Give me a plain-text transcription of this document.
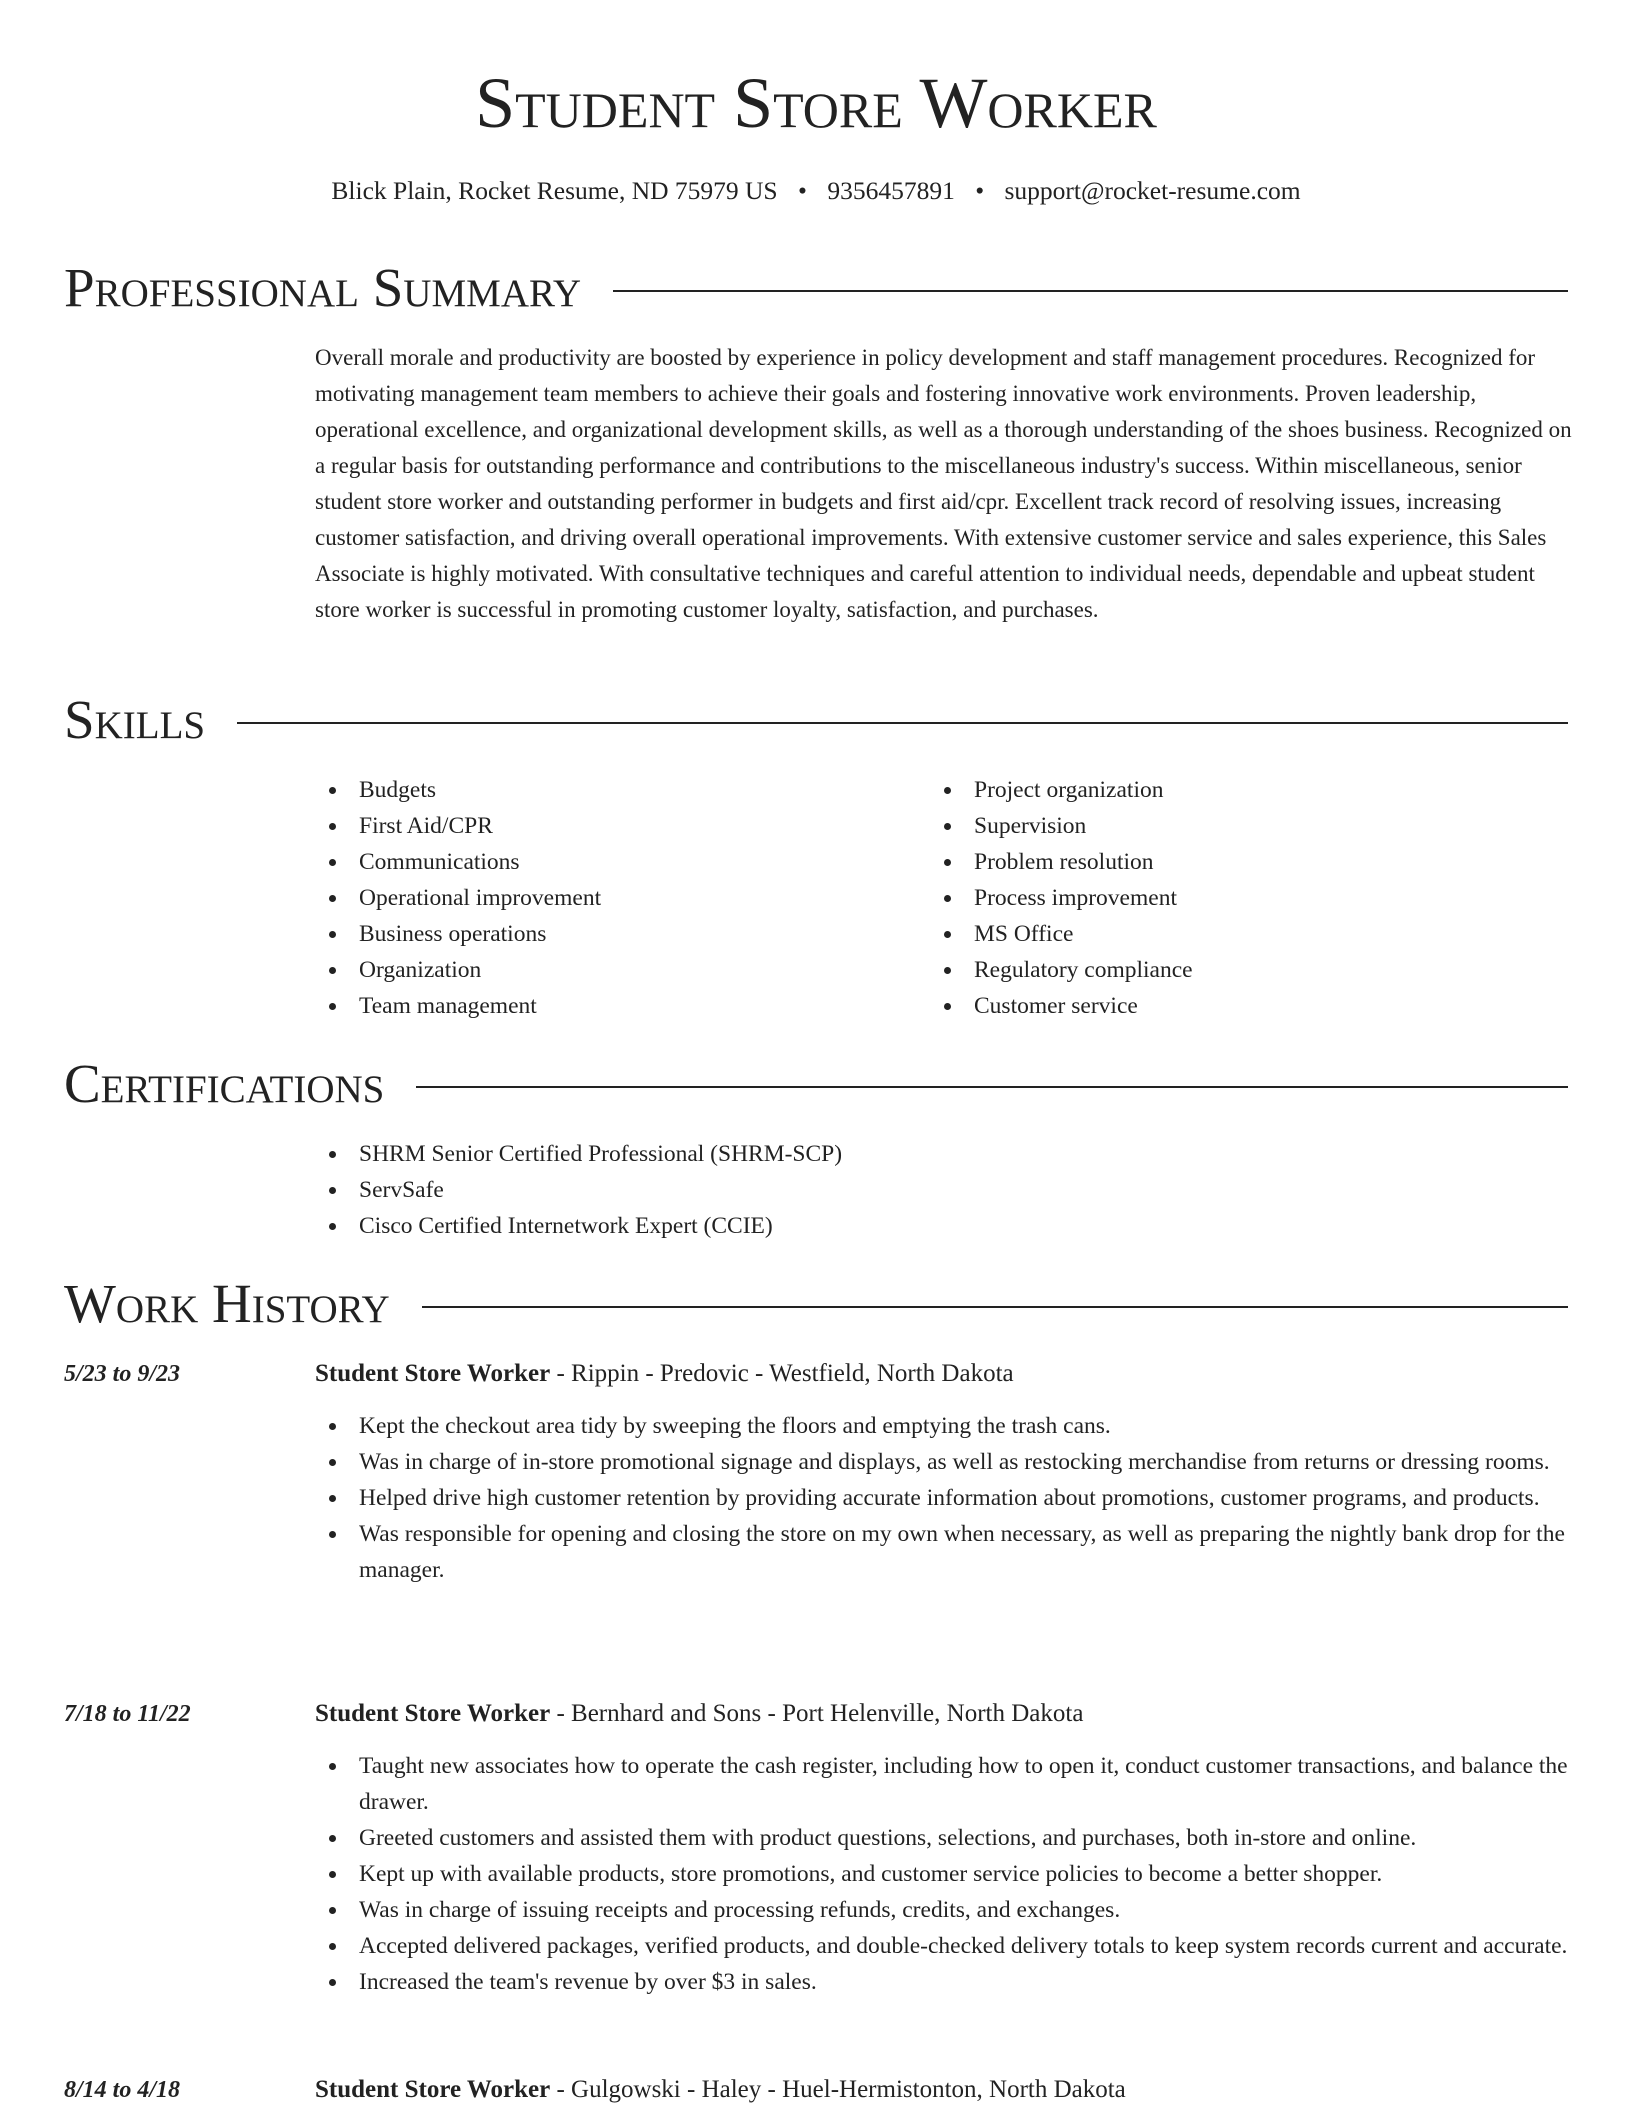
Student Store Worker
Blick Plain, Rocket Resume, ND 75979 US • 9356457891 • support@rocket-resume.com
Professional Summary

Overall morale and productivity are boosted by experience in policy development and staff management procedures. Recognized for motivating management team members to achieve their goals and fostering innovative work environments. Proven leadership, operational excellence, and organizational development skills, as well as a thorough understanding of the shoes business. Recognized on a regular basis for outstanding performance and contributions to the miscellaneous industry's success. Within miscellaneous, senior student store worker and outstanding performer in budgets and first aid/cpr. Excellent track record of resolving issues, increasing customer satisfaction, and driving overall operational improvements. With extensive customer service and sales experience, this Sales Associate is highly motivated. With consultative techniques and careful attention to individual needs, dependable and upbeat student store worker is successful in promoting customer loyalty, satisfaction, and purchases.

Skills
Budgets
First Aid/CPR
Communications
Operational improvement
Business operations
Organization
Team management
Project organization
Supervision
Problem resolution
Process improvement
MS Office
Regulatory compliance
Customer service
Certifications
SHRM Senior Certified Professional (SHRM-SCP)
ServSafe
Cisco Certified Internetwork Expert (CCIE)
Work History
5/23 to 9/23	Student Store Worker - Rippin - Predovic - Westfield, North Dakota
Kept the checkout area tidy by sweeping the floors and emptying the trash cans.
Was in charge of in-store promotional signage and displays, as well as restocking merchandise from returns or dressing rooms.
Helped drive high customer retention by providing accurate information about promotions, customer programs, and products.
Was responsible for opening and closing the store on my own when necessary, as well as preparing the nightly bank drop for the manager.
7/18 to 11/22	Student Store Worker - Bernhard and Sons - Port Helenville, North Dakota
Taught new associates how to operate the cash register, including how to open it, conduct customer transactions, and balance the drawer.
Greeted customers and assisted them with product questions, selections, and purchases, both in-store and online.
Kept up with available products, store promotions, and customer service policies to become a better shopper.
Was in charge of issuing receipts and processing refunds, credits, and exchanges.
Accepted delivered packages, verified products, and double-checked delivery totals to keep system records current and accurate.
Increased the team's revenue by over $3 in sales.
8/14 to 4/18	Student Store Worker - Gulgowski - Haley - Huel-Hermistonton, North Dakota
